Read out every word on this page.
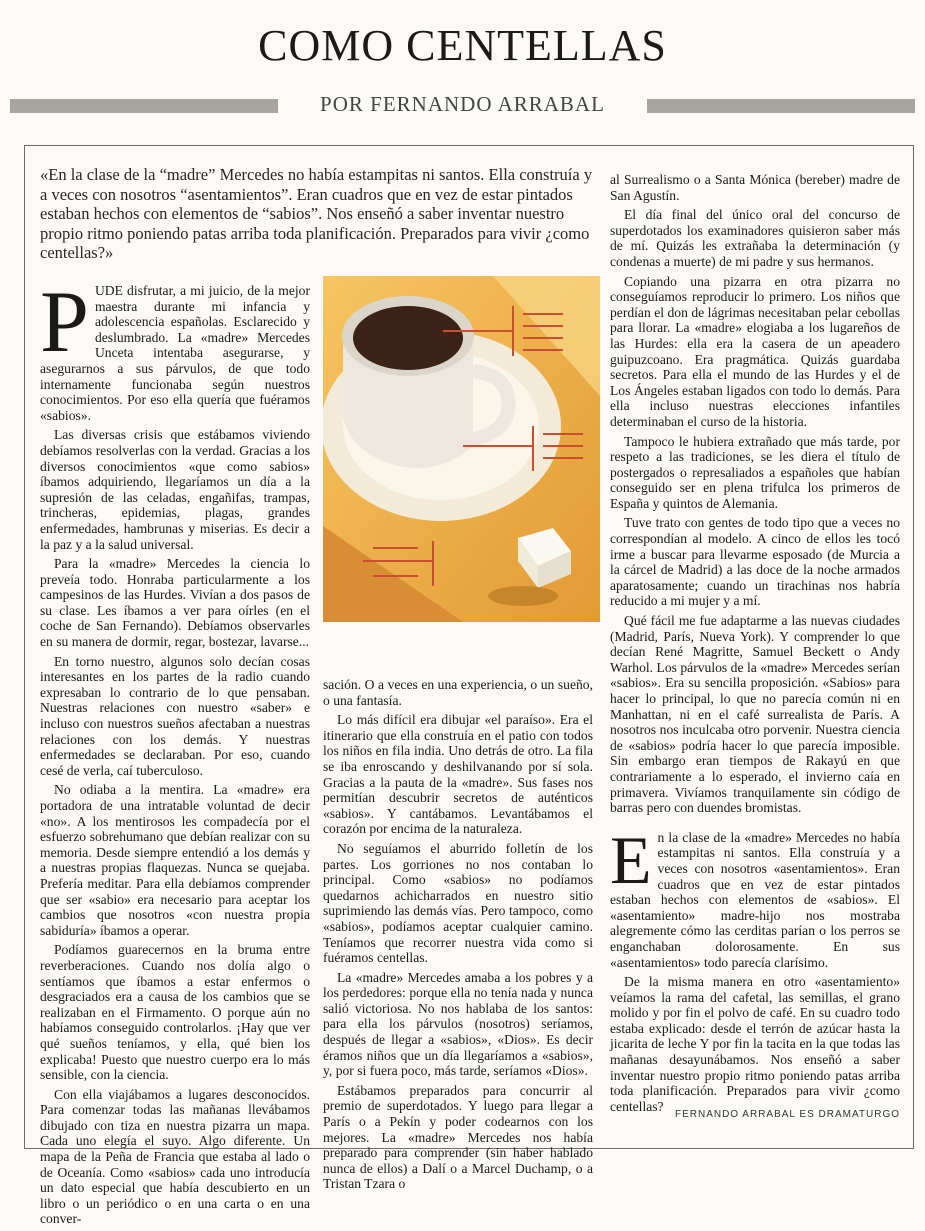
COMO CENTELLAS
POR FERNANDO ARRABAL
«En la clase de la “madre” Mercedes no había estampitas ni santos. Ella construía y a veces con nosotros “asentamientos”. Eran cuadros que en vez de estar pintados estaban hechos con elementos de “sabios”. Nos enseñó a saber inventar nuestro propio ritmo poniendo patas arriba toda planificación. Preparados para vivir ¿como centellas?»

PUDE disfrutar, a mi juicio, de la mejor maestra durante mi infancia y adolescencia españolas. Esclarecido y deslumbrado. La «madre» Mercedes Unceta intentaba asegurarse, y asegurarnos a sus párvulos, de que todo internamente funcionaba según nuestros conocimientos. Por eso ella quería que fuéramos «sabios».

Las diversas crisis que estábamos viviendo debíamos resolverlas con la verdad. Gracias a los diversos conocimientos «que como sabios» íbamos adquiriendo, llegaríamos un día a la supresión de las celadas, engañifas, trampas, trincheras, epidemias, plagas, grandes enfermedades, hambrunas y miserias. Es decir a la paz y a la salud universal.

Para la «madre» Mercedes la ciencia lo preveía todo. Honraba particularmente a los campesinos de las Hurdes. Vivían a dos pasos de su clase. Les íbamos a ver para oírles (en el coche de San Fernando). Debíamos observarles en su manera de dormir, regar, bostezar, lavarse...

En torno nuestro, algunos solo decían cosas interesantes en los partes de la radio cuando expresaban lo contrario de lo que pensaban. Nuestras relaciones con nuestro «saber» e incluso con nuestros sueños afectaban a nuestras relaciones con los demás. Y nuestras enfermedades se declaraban. Por eso, cuando cesé de verla, caí tuberculoso.

No odiaba a la mentira. La «madre» era portadora de una intratable voluntad de decir «no». A los mentirosos les compadecía por el esfuerzo sobrehumano que debían realizar con su memoria. Desde siempre entendió a los demás y a nuestras propias flaquezas. Nunca se quejaba. Prefería meditar. Para ella debíamos comprender que ser «sabio» era necesario para aceptar los cambios que nosotros «con nuestra propia sabiduría» íbamos a operar.

Podíamos guarecernos en la bruma entre reverberaciones. Cuando nos dolía algo o sentíamos que íbamos a estar enfermos o desgraciados era a causa de los cambios que se realizaban en el Firmamento. O porque aún no habíamos conseguido controlarlos. ¡Hay que ver qué sueños teníamos, y ella, qué bien los explicaba! Puesto que nuestro cuerpo era lo más sensible, con la ciencia.

Con ella viajábamos a lugares desconocidos. Para comenzar todas las mañanas llevábamos dibujado con tiza en nuestra pizarra un mapa. Cada uno elegía el suyo. Algo diferente. Un mapa de la Peña de Francia que estaba al lado o de Oceanía. Como «sabios» cada uno introducía un dato especial que había descubierto en un libro o un periódico o en una carta o en una conver-

sación. O a veces en una experiencia, o un sueño, o una fantasía.

Lo más difícil era dibujar «el paraíso». Era el itinerario que ella construía en el patio con todos los niños en fila india. Uno detrás de otro. La fila se iba enroscando y deshilvanando por sí sola. Gracias a la pauta de la «madre». Sus fases nos permitían descubrir secretos de auténticos «sabios». Y cantábamos. Levantábamos el corazón por encima de la naturaleza.

No seguíamos el aburrido folletín de los partes. Los gorriones no nos contaban lo principal. Como «sabios» no podíamos quedarnos achicharrados en nuestro sitio suprimiendo las demás vías. Pero tampoco, como «sabios», podíamos aceptar cualquier camino. Teníamos que recorrer nuestra vida como si fuéramos centellas.

La «madre» Mercedes amaba a los pobres y a los perdedores: porque ella no tenía nada y nunca salió victoriosa. No nos hablaba de los santos: para ella los párvulos (nosotros) seríamos, después de llegar a «sabios», «Dios». Es decir éramos niños que un día llegaríamos a «sabios», y, por si fuera poco, más tarde, seríamos «Dios».

Estábamos preparados para concurrir al premio de superdotados. Y luego para llegar a París o a Pekín y poder codearnos con los mejores. La «madre» Mercedes nos había preparado para comprender (sin haber hablado nunca de ellos) a Dalí o a Marcel Duchamp, o a Tristan Tzara o

al Surrealismo o a Santa Mónica (bereber) madre de San Agustín.

El día final del único oral del concurso de superdotados los examinadores quisieron saber más de mí. Quizás les extrañaba la determinación (y condenas a muerte) de mi padre y sus hermanos.

Copiando una pizarra en otra pizarra no conseguíamos reproducir lo primero. Los niños que perdían el don de lágrimas necesitaban pelar cebollas para llorar. La «madre» elogiaba a los lugareños de las Hurdes: ella era la casera de un apeadero guipuzcoano. Era pragmática. Quizás guardaba secretos. Para ella el mundo de las Hurdes y el de Los Ángeles estaban ligados con todo lo demás. Para ella incluso nuestras elecciones infantiles determinaban el curso de la historia.

Tampoco le hubiera extrañado que más tarde, por respeto a las tradiciones, se les diera el título de postergados o represaliados a españoles que habían conseguido ser en plena trifulca los primeros de España y quintos de Alemania.

Tuve trato con gentes de todo tipo que a veces no correspondían al modelo. A cinco de ellos les tocó irme a buscar para llevarme esposado (de Murcia a la cárcel de Madrid) a las doce de la noche armados aparatosamente; cuando un tirachinas nos habría reducido a mi mujer y a mí.

Qué fácil me fue adaptarme a las nuevas ciudades (Madrid, París, Nueva York). Y comprender lo que decían René Magritte, Samuel Beckett o Andy Warhol. Los párvulos de la «madre» Mercedes serían «sabios». Era su sencilla proposición. «Sabios» para hacer lo principal, lo que no parecía común ni en Manhattan, ni en el café surrealista de París. A nosotros nos inculcaba otro porvenir. Nuestra ciencia de «sabios» podría hacer lo que parecía imposible. Sin embargo eran tiempos de Rakayú en que contrariamente a lo esperado, el invierno caía en primavera. Vivíamos tranquilamente sin código de barras pero con duendes bromistas.

En la clase de la «madre» Mercedes no había estampitas ni santos. Ella construía y a veces con nosotros «asentamientos». Eran cuadros que en vez de estar pintados estaban hechos con elementos de «sabios». El «asentamiento» madre-hijo nos mostraba alegremente cómo las cerditas parían o los perros se enganchaban dolorosamente. En sus «asentamientos» todo parecía clarísimo.

De la misma manera en otro «asentamiento» veíamos la rama del cafetal, las semillas, el grano molido y por fin el polvo de café. En su cuadro todo estaba explicado: desde el terrón de azúcar hasta la jicarita de leche Y por fin la tacita en la que todas las mañanas desayunábamos. Nos enseñó a saber inventar nuestro propio ritmo poniendo patas arriba toda planificación. Preparados para vivir ¿como centellas?

FERNANDO ARRABAL ES DRAMATURGO
